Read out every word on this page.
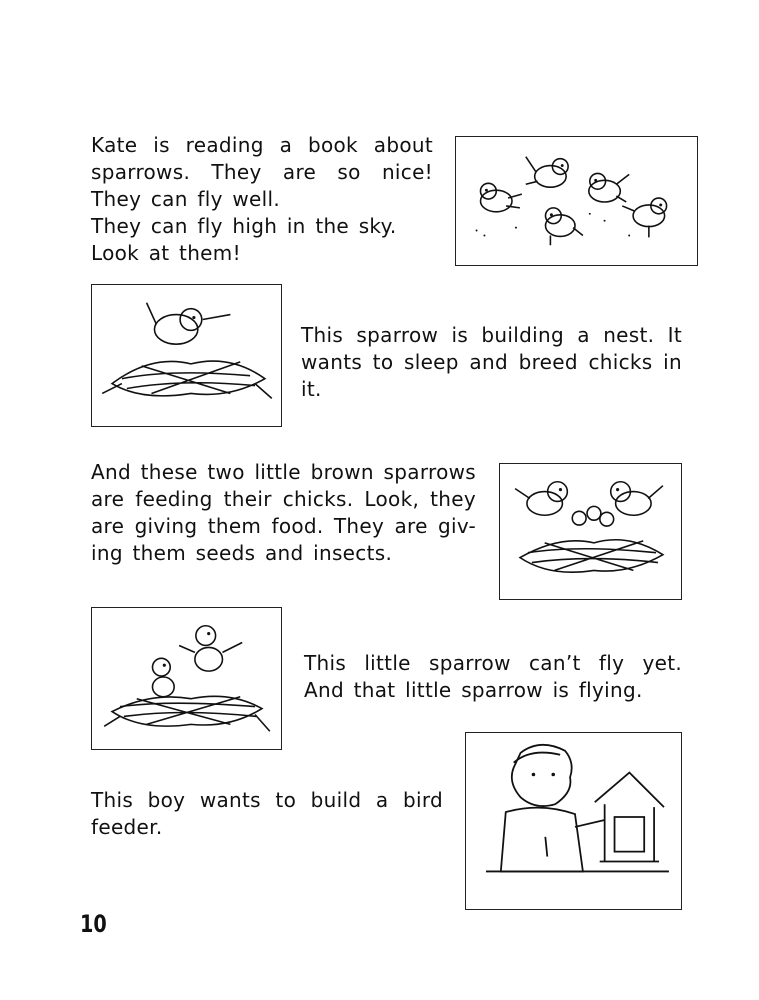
Kate is reading a book about
sparrows. They are so nice!
They can fly well.
They can fly high in the sky.
Look at them!
This sparrow is building a nest. It
wants to sleep and breed chicks in
it.
And these two little brown sparrows
are feeding their chicks. Look, they
are giving them food. They are giv-
ing them seeds and insects.
This little sparrow can’t fly yet.
And that little sparrow is flying.
This boy wants to build a bird
feeder.
10
